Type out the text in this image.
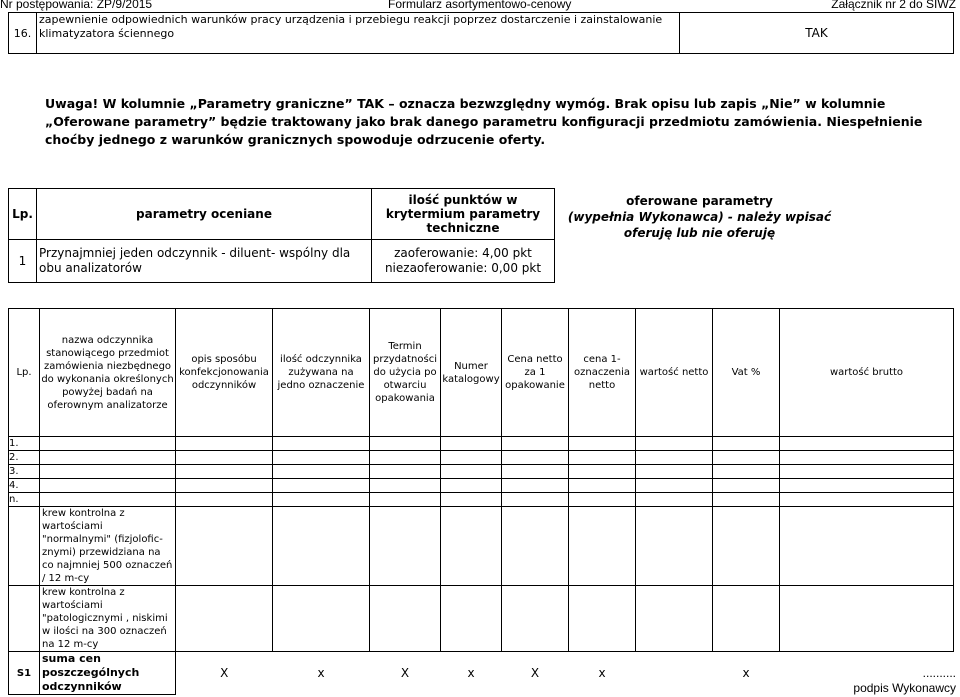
Nr postępowania: ZP/9/2015	Formularz asortymentowo-cenowy	Załącznik nr 2 do SIWZ
16.	zapewnienie odpowiednich warunków pracy urządzenia i przebiegu reakcji poprzez dostarczenie i zainstalowanie klimatyzatora ściennego	TAK
Uwaga! W kolumnie „Parametry graniczne” TAK – oznacza bezwzględny wymóg. Brak opisu lub zapis „Nie” w kolumnie „Oferowane parametry” będzie traktowany jako brak danego parametru konfiguracji przedmiotu zamówienia. Niespełnienie choćby jednego z warunków granicznych spowoduje odrzucenie oferty.
Lp.	parametry oceniane	ilość punktów w krytermium parametry techniczne	oferowane parametry
(wypełnia Wykonawca) - należy wpisać oferuję lub nie oferuję

1	Przynajmniej jeden odczynnik - diluent- wspólny dla obu analizatorów	zaoferowanie: 4,00 pkt
niezaoferowanie: 0,00 pkt	

Lp.	nazwa odczynnika stanowiącego przedmiot zamówienia niezbędnego do wykonania określonych powyżej badań na oferownym analizatorze	opis sposóbu konfekcjonowania odczynników	ilość odczynnika zużywana na jedno oznaczenie	Termin przydatności do użycia po otwarciu opakowania	Numer katalogowy	Cena netto za 1 opakowanie	cena 1-oznaczenia netto	wartość netto	Vat %	wartość brutto
1.										
2.										
3.										
4.										
n.										
	krew kontrolna z wartościami "normalnymi" (fizjoloficznymi) przewidziana na co najmniej 500 oznaczeń / 12 m-cy									
	krew kontrolna z wartościami "patologicznymi , niskimi w ilości na 300 oznaczeń na 12 m-cy									
S1	suma cen poszczególnych odczynników	X	x	X	x	X	x		x		..........
podpis Wykonawcy
